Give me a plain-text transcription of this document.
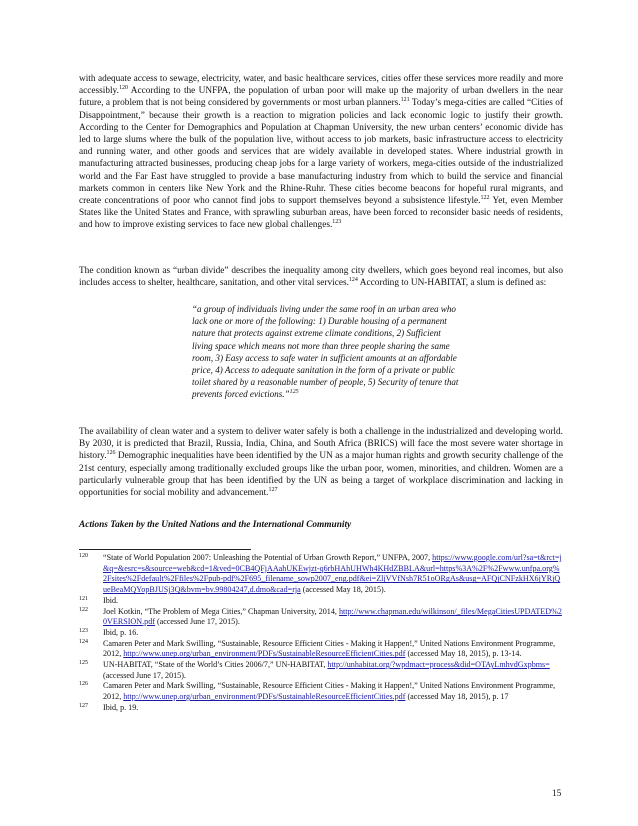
with adequate access to sewage, electricity, water, and basic healthcare services, cities offer these services more readily and more accessibly.$^{120}$ According to the UNFPA, the population of urban poor will make up the majority of urban dwellers in the near future, a problem that is not being considered by governments or most urban planners.$^{121}$ Today’s mega-cities are called “Cities of Disappointment,” because their growth is a reaction to migration policies and lack economic logic to justify their growth. According to the Center for Demographics and Population at Chapman University, the new urban centers’ economic divide has led to large slums where the bulk of the population live, without access to job markets, basic infrastructure access to electricity and running water, and other goods and services that are widely available in developed states. Where industrial growth in manufacturing attracted businesses, producing cheap jobs for a large variety of workers, mega-cities outside of the industrialized world and the Far East have struggled to provide a base manufacturing industry from which to build the service and financial markets common in centers like New York and the Rhine-Ruhr. These cities become beacons for hopeful rural migrants, and create concentrations of poor who cannot find jobs to support themselves beyond a subsistence lifestyle.$^{122}$ Yet, even Member States like the United States and France, with sprawling suburban areas, have been forced to reconsider basic needs of residents, and how to improve existing services to face new global challenges.$^{123}$

The condition known as “urban divide” describes the inequality among city dwellers, which goes beyond real incomes, but also includes access to shelter, healthcare, sanitation, and other vital services.$^{124}$ According to UN-HABITAT, a slum is defined as:

“a group of individuals living under the same roof in an urban area who lack one or more of the following: 1) Durable housing of a permanent nature that protects against extreme climate conditions, 2) Sufficient living space which means not more than three people sharing the same room, 3) Easy access to safe water in sufficient amounts at an affordable price, 4) Access to adequate sanitation in the form of a private or public toilet shared by a reasonable number of people, 5) Security of tenure that prevents forced evictions.”$^{125}$

The availability of clean water and a system to deliver water safely is both a challenge in the industrialized and developing world. By 2030, it is predicted that Brazil, Russia, India, China, and South Africa (BRICS) will face the most severe water shortage in history.$^{126}$ Demographic inequalities have been identified by the UN as a major human rights and growth security challenge of the 21st century, especially among traditionally excluded groups like the urban poor, women, minorities, and children. Women are a particularly vulnerable group that has been identified by the UN as being a target of workplace discrimination and lacking in opportunities for social mobility and advancement.$^{127}$

Actions Taken by the United Nations and the International Community

120 “State of World Population 2007: Unleashing the Potential of Urban Growth Report,” UNFPA, 2007, https://www.google.com/url?sa=t&rct=j&q=&esrc=s&source=web&cd=1&ved=0CB4QFjAAahUKEwjzt-q6rbHAhUHWh4KHdZBBLA&url=https%3A%2F%2Fwww.unfpa.org%2Fsites%2Fdefault%2Ffiles%2Fpub-pdf%2F695_filename_sowp2007_eng.pdf&ei=ZljVVfNsh7R51oORgAs&usg=AFQjCNFzkHX6jYRjQueBeaMQYopBJUSj3Q&bvm=bv.99804247,d.dmo&cad=rja (accessed May 18, 2015).

121 Ibid.

122 Joel Kotkin, “The Problem of Mega Cities,” Chapman University, 2014, http://www.chapman.edu/wilkinson/_files/MegaCitiesUPDATED%20VERSION.pdf (accessed June 17, 2015).

123 Ibid, p. 16.

124 Camaren Peter and Mark Swilling, “Sustainable, Resource Efficient Cities - Making it Happen!,” United Nations Environment Programme, 2012, http://www.unep.org/urban_environment/PDFs/SustainableResourceEfficientCities.pdf (accessed May 18, 2015), p. 13-14.

125 UN-HABITAT, “State of the World’s Cities 2006/7,” UN-HABITAT, http://unhabitat.org/?wpdmact=process&did=OTAyLmhvdGxpbms= (accessed June 17, 2015).

126 Camaren Peter and Mark Swilling, “Sustainable, Resource Efficient Cities - Making it Happen!,” United Nations Environment Programme, 2012, http://www.unep.org/urban_environment/PDFs/SustainableResourceEfficientCities.pdf (accessed May 18, 2015), p. 17

127 Ibid, p. 19.

15
